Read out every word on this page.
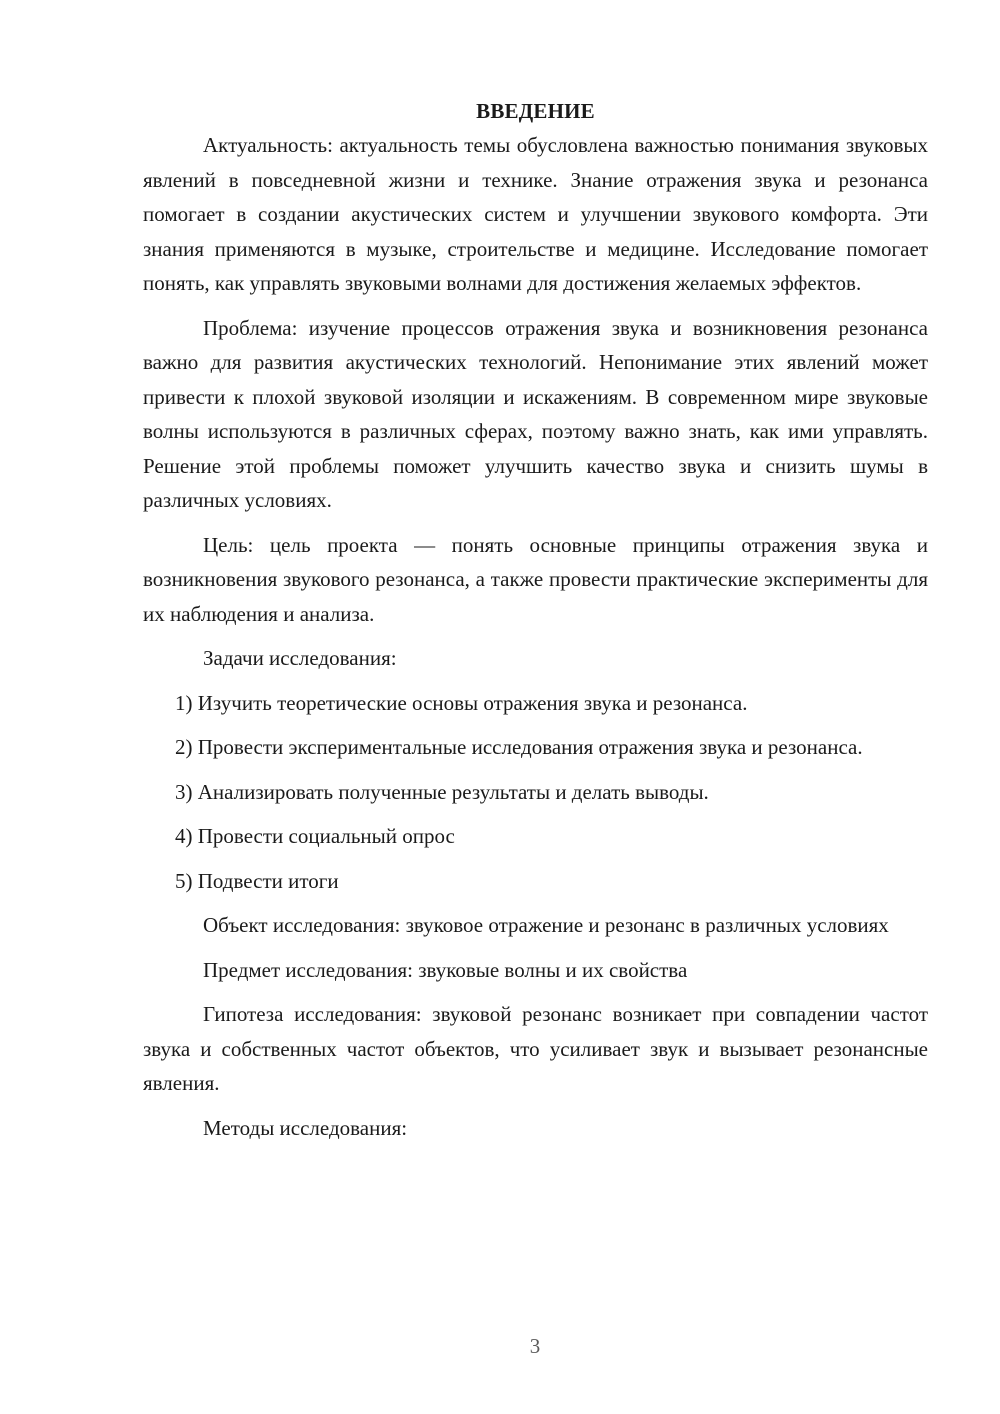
ВВЕДЕНИЕ

Актуальность: актуальность темы обусловлена важностью понимания звуковых явлений в повседневной жизни и технике. Знание отражения звука и резонанса помогает в создании акустических систем и улучшении звукового комфорта. Эти знания применяются в музыке, строительстве и медицине. Исследование помогает понять, как управлять звуковыми волнами для достижения желаемых эффектов.

Проблема: изучение процессов отражения звука и возникновения резонанса важно для развития акустических технологий. Непонимание этих явлений может привести к плохой звуковой изоляции и искажениям. В современном мире звуковые волны используются в различных сферах, поэтому важно знать, как ими управлять. Решение этой проблемы поможет улучшить качество звука и снизить шумы в различных условиях.

Цель: цель проекта — понять основные принципы отражения звука и возникновения звукового резонанса, а также провести практические эксперименты для их наблюдения и анализа.

Задачи исследования:

1) Изучить теоретические основы отражения звука и резонанса.

2) Провести экспериментальные исследования отражения звука и резонанса.

3) Анализировать полученные результаты и делать выводы.

4) Провести социальный опрос

5) Подвести итоги

Объект исследования: звуковое отражение и резонанс в различных условиях

Предмет исследования: звуковые волны и их свойства

Гипотеза исследования: звуковой резонанс возникает при совпадении частот звука и собственных частот объектов, что усиливает звук и вызывает резонансные явления.

Методы исследования:

3
